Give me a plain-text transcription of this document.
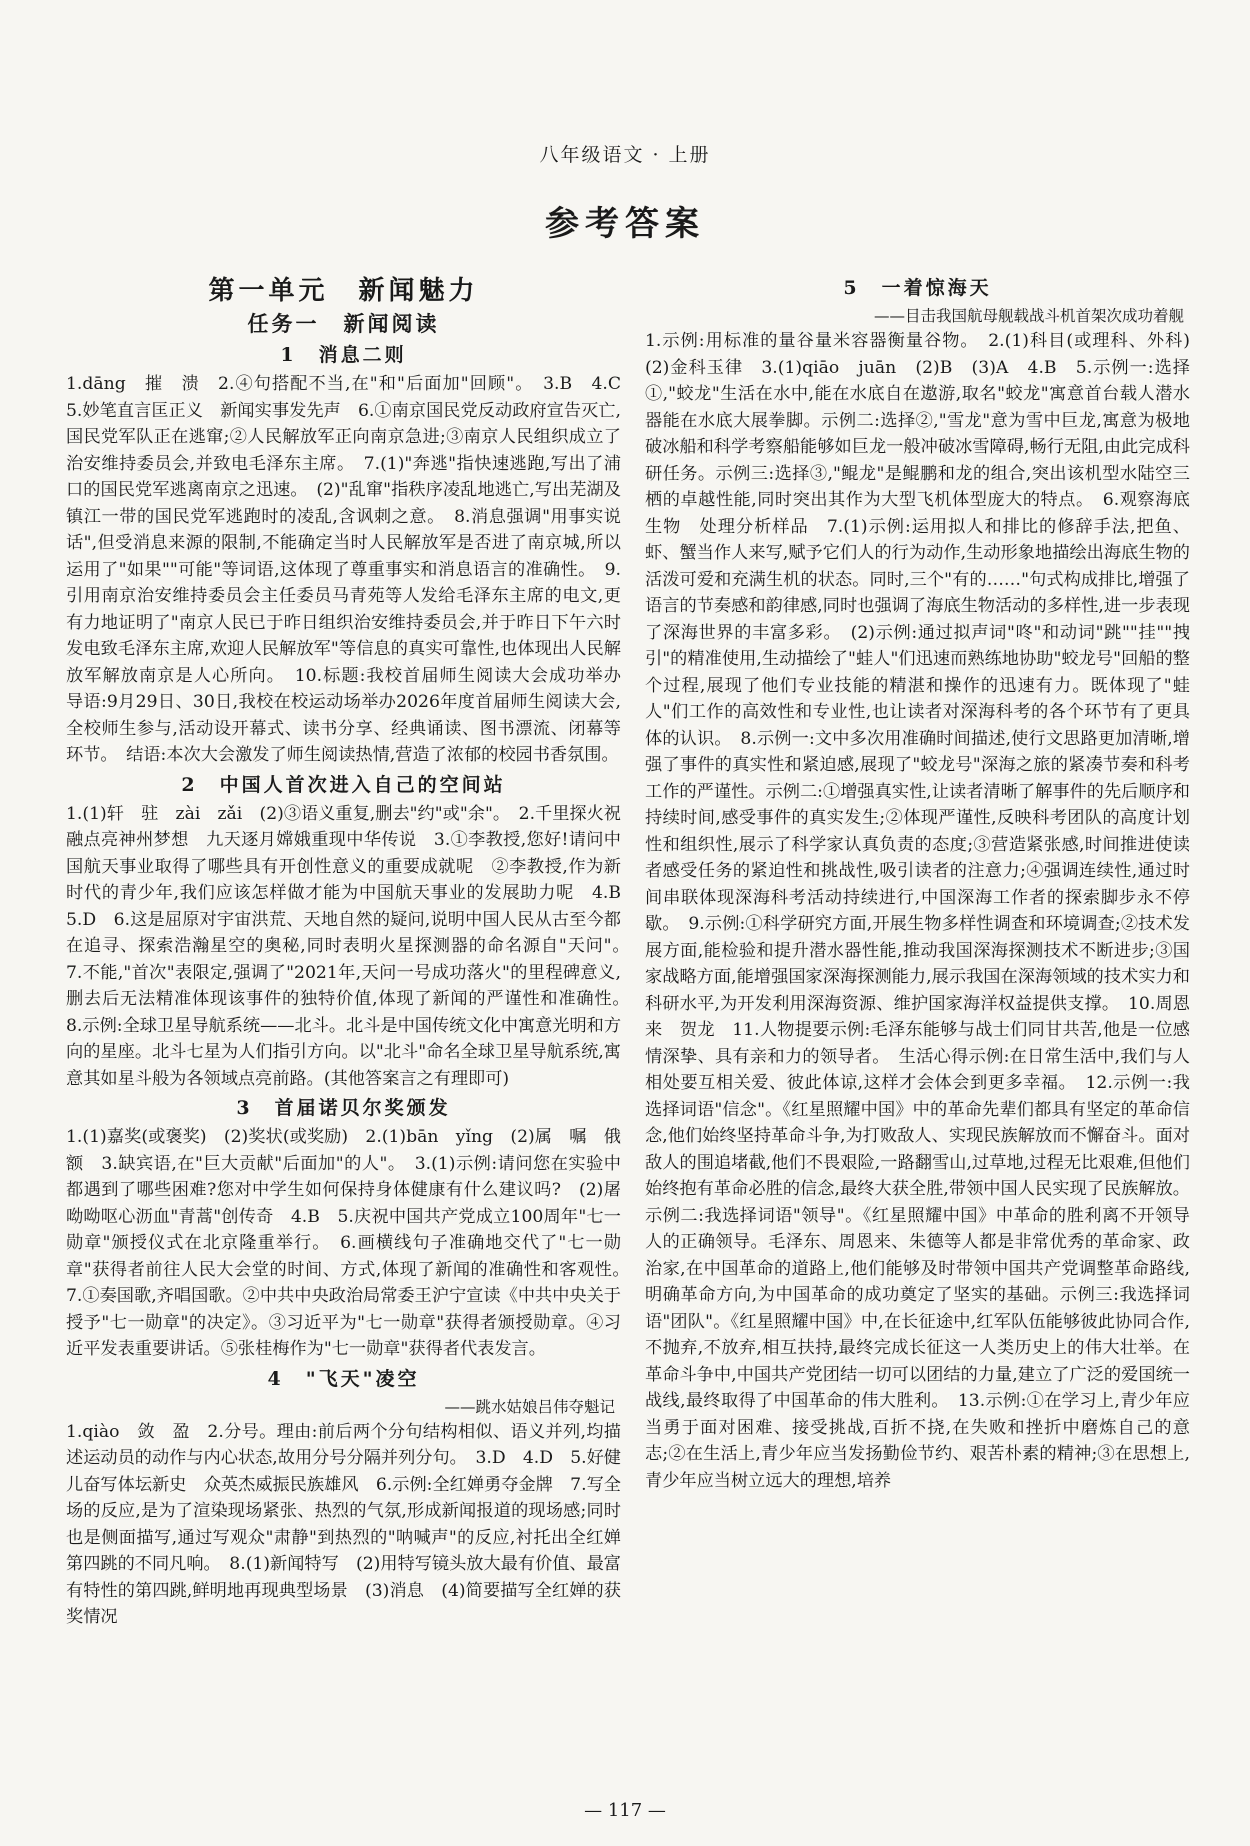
八年级语文 · 上册
参考答案
第一单元　新闻魅力
任务一　新闻阅读
1　消息二则

1.dāng　摧　溃　2.④句搭配不当,在"和"后面加"回顾"。　3.B　4.C　5.妙笔直言匡正义　新闻实事发先声　6.①南京国民党反动政府宣告灭亡,国民党军队正在逃窜;②人民解放军正向南京急进;③南京人民组织成立了治安维持委员会,并致电毛泽东主席。　7.(1)"奔逃"指快速逃跑,写出了浦口的国民党军逃离南京之迅速。　(2)"乱窜"指秩序凌乱地逃亡,写出芜湖及镇江一带的国民党军逃跑时的凌乱,含讽刺之意。　8.消息强调"用事实说话",但受消息来源的限制,不能确定当时人民解放军是否进了南京城,所以运用了"如果""可能"等词语,这体现了尊重事实和消息语言的准确性。　9.引用南京治安维持委员会主任委员马青苑等人发给毛泽东主席的电文,更有力地证明了"南京人民已于昨日组织治安维持委员会,并于昨日下午六时发电致毛泽东主席,欢迎人民解放军"等信息的真实可靠性,也体现出人民解放军解放南京是人心所向。　10.标题:我校首届师生阅读大会成功举办　导语:9月29日、30日,我校在校运动场举办2026年度首届师生阅读大会,全校师生参与,活动设开幕式、读书分享、经典诵读、图书漂流、闭幕等环节。　结语:本次大会激发了师生阅读热情,营造了浓郁的校园书香氛围。

2　中国人首次进入自己的空间站

1.(1)轩　驻　zài　zǎi　(2)③语义重复,删去"约"或"余"。　2.千里探火祝融点亮神州梦想　九天逐月嫦娥重现中华传说　3.①李教授,您好!请问中国航天事业取得了哪些具有开创性意义的重要成就呢　②李教授,作为新时代的青少年,我们应该怎样做才能为中国航天事业的发展助力呢　4.B　5.D　6.这是屈原对宇宙洪荒、天地自然的疑问,说明中国人民从古至今都在追寻、探索浩瀚星空的奥秘,同时表明火星探测器的命名源自"天问"。　7.不能,"首次"表限定,强调了"2021年,天问一号成功落火"的里程碑意义,删去后无法精准体现该事件的独特价值,体现了新闻的严谨性和准确性。　8.示例:全球卫星导航系统——北斗。北斗是中国传统文化中寓意光明和方向的星座。北斗七星为人们指引方向。以"北斗"命名全球卫星导航系统,寓意其如星斗般为各领域点亮前路。(其他答案言之有理即可)

3　首届诺贝尔奖颁发

1.(1)嘉奖(或褒奖)　(2)奖状(或奖励)　2.(1)bān　yǐng　(2)属　嘱　俄　额　3.缺宾语,在"巨大贡献"后面加"的人"。　3.(1)示例:请问您在实验中都遇到了哪些困难?您对中学生如何保持身体健康有什么建议吗?　(2)屠呦呦呕心沥血"青蒿"创传奇　4.B　5.庆祝中国共产党成立100周年"七一勋章"颁授仪式在北京隆重举行。　6.画横线句子准确地交代了"七一勋章"获得者前往人民大会堂的时间、方式,体现了新闻的准确性和客观性。　7.①奏国歌,齐唱国歌。②中共中央政治局常委王沪宁宣读《中共中央关于授予"七一勋章"的决定》。③习近平为"七一勋章"获得者颁授勋章。④习近平发表重要讲话。⑤张桂梅作为"七一勋章"获得者代表发言。

4　"飞天"凌空
——跳水姑娘吕伟夺魁记

1.qiào　敛　盈　2.分号。理由:前后两个分句结构相似、语义并列,均描述运动员的动作与内心状态,故用分号分隔并列分句。　3.D　4.D　5.好健儿奋写体坛新史　众英杰威振民族雄风　6.示例:全红婵勇夺金牌　7.写全场的反应,是为了渲染现场紧张、热烈的气氛,形成新闻报道的现场感;同时也是侧面描写,通过写观众"肃静"到热烈的"呐喊声"的反应,衬托出全红婵第四跳的不同凡响。　8.(1)新闻特写　(2)用特写镜头放大最有价值、最富有特性的第四跳,鲜明地再现典型场景　(3)消息　(4)简要描写全红婵的获奖情况

5　一着惊海天
——目击我国航母舰载战斗机首架次成功着舰

1.示例:用标准的量谷量米容器衡量谷物。　2.(1)科目(或理科、外科)　(2)金科玉律　3.(1)qiāo　juān　(2)B　(3)A　4.B　5.示例一:选择①,"蛟龙"生活在水中,能在水底自在遨游,取名"蛟龙"寓意首台载人潜水器能在水底大展拳脚。示例二:选择②,"雪龙"意为雪中巨龙,寓意为极地破冰船和科学考察船能够如巨龙一般冲破冰雪障碍,畅行无阻,由此完成科研任务。示例三:选择③,"鲲龙"是鲲鹏和龙的组合,突出该机型水陆空三栖的卓越性能,同时突出其作为大型飞机体型庞大的特点。　6.观察海底生物　处理分析样品　7.(1)示例:运用拟人和排比的修辞手法,把鱼、虾、蟹当作人来写,赋予它们人的行为动作,生动形象地描绘出海底生物的活泼可爱和充满生机的状态。同时,三个"有的……"句式构成排比,增强了语言的节奏感和韵律感,同时也强调了海底生物活动的多样性,进一步表现了深海世界的丰富多彩。　(2)示例:通过拟声词"咚"和动词"跳""挂""拽引"的精准使用,生动描绘了"蛙人"们迅速而熟练地协助"蛟龙号"回船的整个过程,展现了他们专业技能的精湛和操作的迅速有力。既体现了"蛙人"们工作的高效性和专业性,也让读者对深海科考的各个环节有了更具体的认识。　8.示例一:文中多次用准确时间描述,使行文思路更加清晰,增强了事件的真实性和紧迫感,展现了"蛟龙号"深海之旅的紧凑节奏和科考工作的严谨性。示例二:①增强真实性,让读者清晰了解事件的先后顺序和持续时间,感受事件的真实发生;②体现严谨性,反映科考团队的高度计划性和组织性,展示了科学家认真负责的态度;③营造紧张感,时间推进使读者感受任务的紧迫性和挑战性,吸引读者的注意力;④强调连续性,通过时间串联体现深海科考活动持续进行,中国深海工作者的探索脚步永不停歇。　9.示例:①科学研究方面,开展生物多样性调查和环境调查;②技术发展方面,能检验和提升潜水器性能,推动我国深海探测技术不断进步;③国家战略方面,能增强国家深海探测能力,展示我国在深海领域的技术实力和科研水平,为开发利用深海资源、维护国家海洋权益提供支撑。　10.周恩来　贺龙　11.人物提要示例:毛泽东能够与战士们同甘共苦,他是一位感情深挚、具有亲和力的领导者。　生活心得示例:在日常生活中,我们与人相处要互相关爱、彼此体谅,这样才会体会到更多幸福。　12.示例一:我选择词语"信念"。《红星照耀中国》中的革命先辈们都具有坚定的革命信念,他们始终坚持革命斗争,为打败敌人、实现民族解放而不懈奋斗。面对敌人的围追堵截,他们不畏艰险,一路翻雪山,过草地,过程无比艰难,但他们始终抱有革命必胜的信念,最终大获全胜,带领中国人民实现了民族解放。示例二:我选择词语"领导"。《红星照耀中国》中革命的胜利离不开领导人的正确领导。毛泽东、周恩来、朱德等人都是非常优秀的革命家、政治家,在中国革命的道路上,他们能够及时带领中国共产党调整革命路线,明确革命方向,为中国革命的成功奠定了坚实的基础。示例三:我选择词语"团队"。《红星照耀中国》中,在长征途中,红军队伍能够彼此协同合作,不抛弃,不放弃,相互扶持,最终完成长征这一人类历史上的伟大壮举。在革命斗争中,中国共产党团结一切可以团结的力量,建立了广泛的爱国统一战线,最终取得了中国革命的伟大胜利。　13.示例:①在学习上,青少年应当勇于面对困难、接受挑战,百折不挠,在失败和挫折中磨炼自己的意志;②在生活上,青少年应当发扬勤俭节约、艰苦朴素的精神;③在思想上,青少年应当树立远大的理想,培养

— 117 —
